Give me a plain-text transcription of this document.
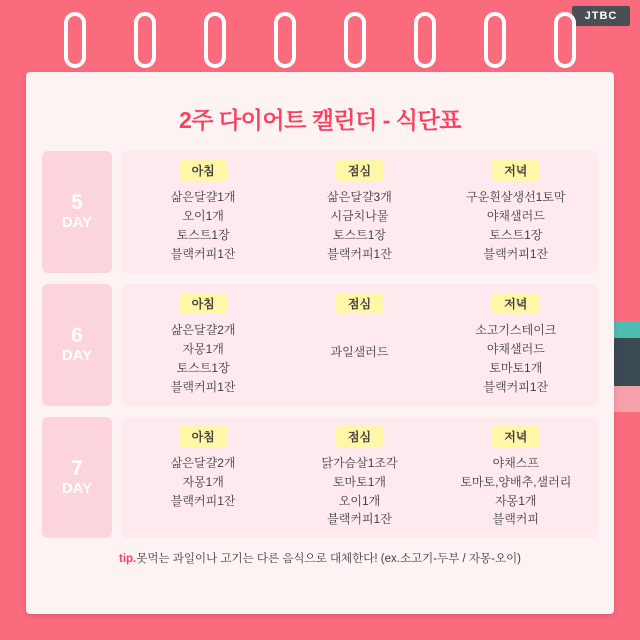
JTBC
2주 다이어트 캘린더 - 식단표
5
DAY
아침
삶은달걀1개
오이1개
토스트1장
블랙커피1잔
점심
삶은달걀3개
시금치나물
토스트1장
블랙커피1잔
저녁
구운흰살생선1토막
야채샐러드
토스트1장
블랙커피1잔
6
DAY
아침
삶은달걀2개
자몽1개
토스트1장
블랙커피1잔
점심
과일샐러드
저녁
소고기스테이크
야채샐러드
토마토1개
블랙커피1잔
7
DAY
아침
삶은달걀2개
자몽1개
블랙커피1잔
점심
닭가슴살1조각
토마토1개
오이1개
블랙커피1잔
저녁
야채스프
토마토,양배추,샐러리
자몽1개
블랙커피
tip.못먹는 과일이나 고기는 다른 음식으로 대체한다! (ex.소고기-두부 / 자몽-오이)
